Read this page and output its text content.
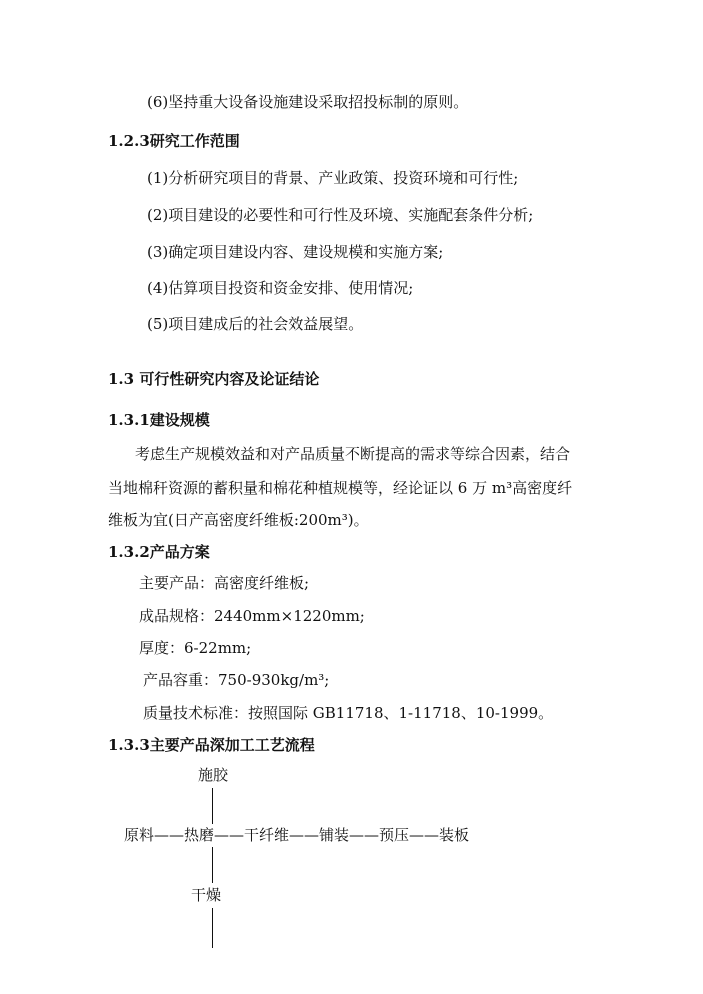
(6)坚持重大设备设施建设采取招投标制的原则。
1.2.3研究工作范围
(1)分析研究项目的背景、产业政策、投资环境和可行性;
(2)项目建设的必要性和可行性及环境、实施配套条件分析;
(3)确定项目建设内容、建设规模和实施方案;
(4)估算项目投资和资金安排、使用情况;
(5)项目建成后的社会效益展望。
1.3 可行性研究内容及论证结论
1.3.1建设规模
考虑生产规模效益和对产品质量不断提高的需求等综合因素，结合
当地棉秆资源的蓄积量和棉花种植规模等，经论证以 6 万 m³高密度纤
维板为宜(日产高密度纤维板:200m³)。
1.3.2产品方案
主要产品：高密度纤维板;
成品规格：2440mm×1220mm;
厚度：6-22mm;
产品容重：750-930kg/m³;
质量技术标准：按照国际 GB11718、1-11718、10-1999。
1.3.3主要产品深加工工艺流程
施胶
原料——热磨——干纤维——铺装——预压——装板
干燥
